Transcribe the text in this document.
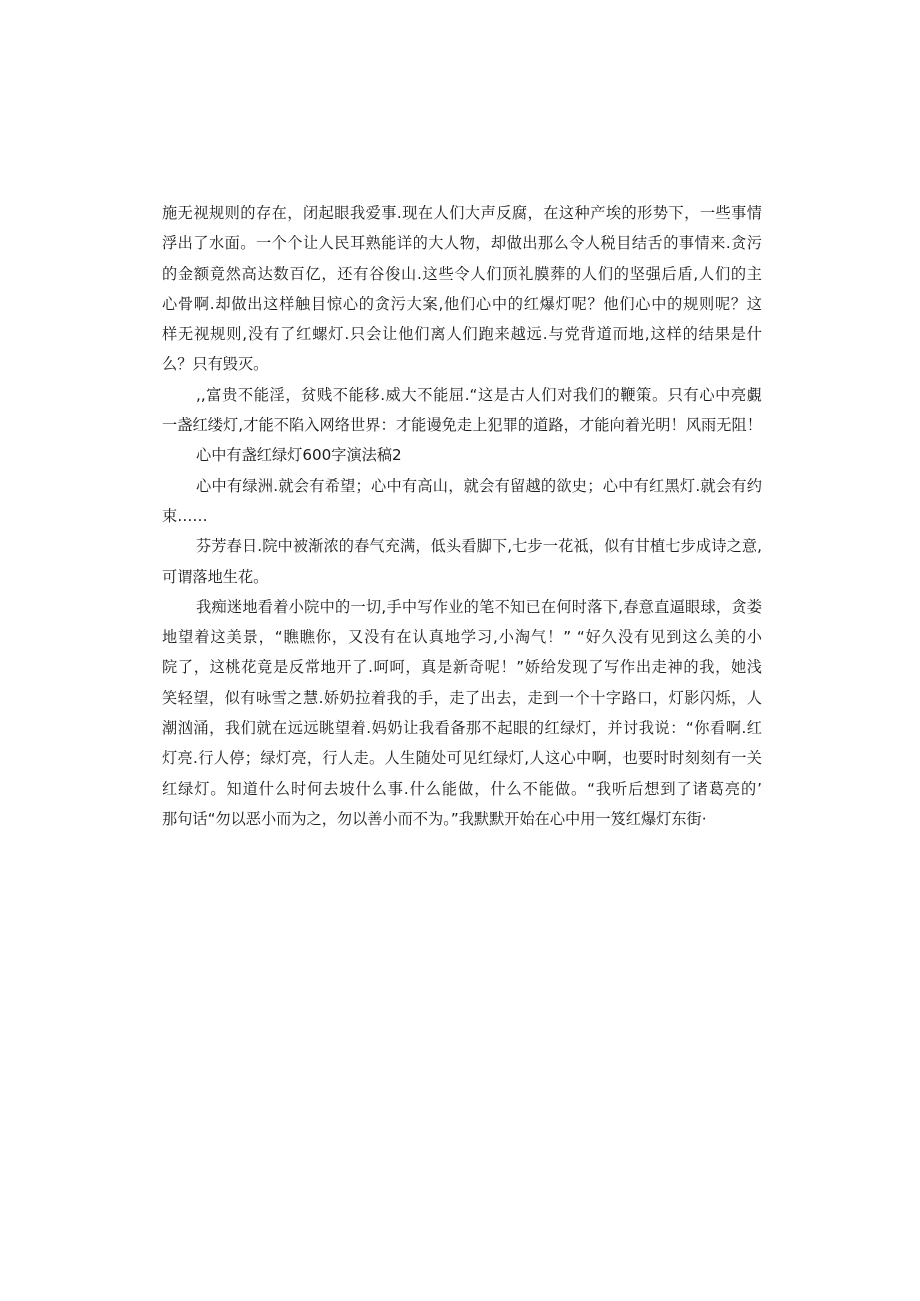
施无视规则的存在，闭起眼我爱事.现在人们大声反腐，在这种产埃的形势下，一些事情
浮出了水面。一个个让人民耳熟能详的大人物，却做出那么令人税目结舌的事情来.贪污
的金额竟然高达数百亿，还有谷俊山.这些令人们顶礼膜葬的人们的坚强后盾,人们的主
心骨啊.却做出这样触目惊心的贪污大案,他们心中的红爆灯呢？他们心中的规则呢？这
样无视规则,没有了红螺灯.只会让他们离人们跑来越远.与党背道而地,这样的结果是什
么？只有毁灭。
,,富贵不能淫，贫贱不能移.威大不能屈.“这是古人们对我们的鞭策。只有心中亮覷
一盏红缕灯,才能不陷入网络世界：才能谩免走上犯罪的道路，才能向着光明！风雨无阻！
心中有盏红绿灯600字演法稿2
心中有绿洲.就会有希望；心中有高山，就会有留越的欲史；心中有红黑灯.就会有约
束……
芬芳春日.院中被渐浓的春气充满，低头看脚下,七步一花祗，似有甘植七步成诗之意,
可谓落地生花。
我痴迷地看着小院中的一切,手中写作业的笔不知已在何时落下,春意直逼眼球，贪娄
地望着这美景，“瞧瞧你，又没有在认真地学习,小淘气！” “好久没有见到这么美的小
院了，这桃花竟是反常地开了.呵呵，真是新奇呢！”娇给发现了写作出走神的我，她浅
笑轻望，似有咏雪之慧.娇奶拉着我的手，走了出去，走到一个十字路口，灯影闪烁，人
潮汹涌，我们就在远远眺望着.妈奶让我看备那不起眼的红绿灯，并讨我说：“你看啊.红
灯亮.行人停；绿灯亮，行人走。人生随处可见红绿灯,人这心中啊，也要时时刻刻有一关
红绿灯。知道什么时何去坡什么事.什么能做，什么不能做。“我听后想到了诸葛亮的’
那句话“勿以恶小而为之，勿以善小而不为。”我默默开始在心中用一笈红爆灯东街·
